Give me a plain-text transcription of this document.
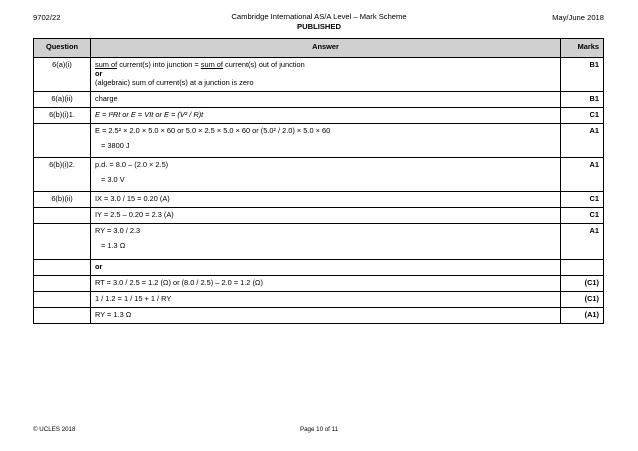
9702/22	Cambridge International AS/A Level – Mark Scheme
PUBLISHED
May/June 2018
Question	Answer	Marks
6(a)(i)	sum of current(s) into junction = sum of current(s) out of junction
or
(algebraic) sum of current(s) at a junction is zero	B1
6(a)(ii)	charge	B1
6(b)(i)1.	E = I²Rt or E = VIt or E = (V² / R)t	C1
	E = 2.5² × 2.0 × 5.0 × 60 or 5.0 × 2.5 × 5.0 × 60 or (5.0² / 2.0) × 5.0 × 60
= 3800 J	A1
6(b)(i)2.	p.d. = 8.0 – (2.0 × 2.5)
= 3.0 V	A1
6(b)(ii)	IX = 3.0 / 15 = 0.20 (A)	C1
	IY = 2.5 – 0.20 = 2.3 (A)	C1
	RY = 3.0 / 2.3
= 1.3 Ω	A1
	or	
	RT = 3.0 / 2.5 = 1.2 (Ω) or (8.0 / 2.5) – 2.0 = 1.2 (Ω)	(C1)
	1 / 1.2 = 1 / 15 + 1 / RY	(C1)
	RY = 1.3 Ω	(A1)
© UCLES 2018	Page 10 of 11
